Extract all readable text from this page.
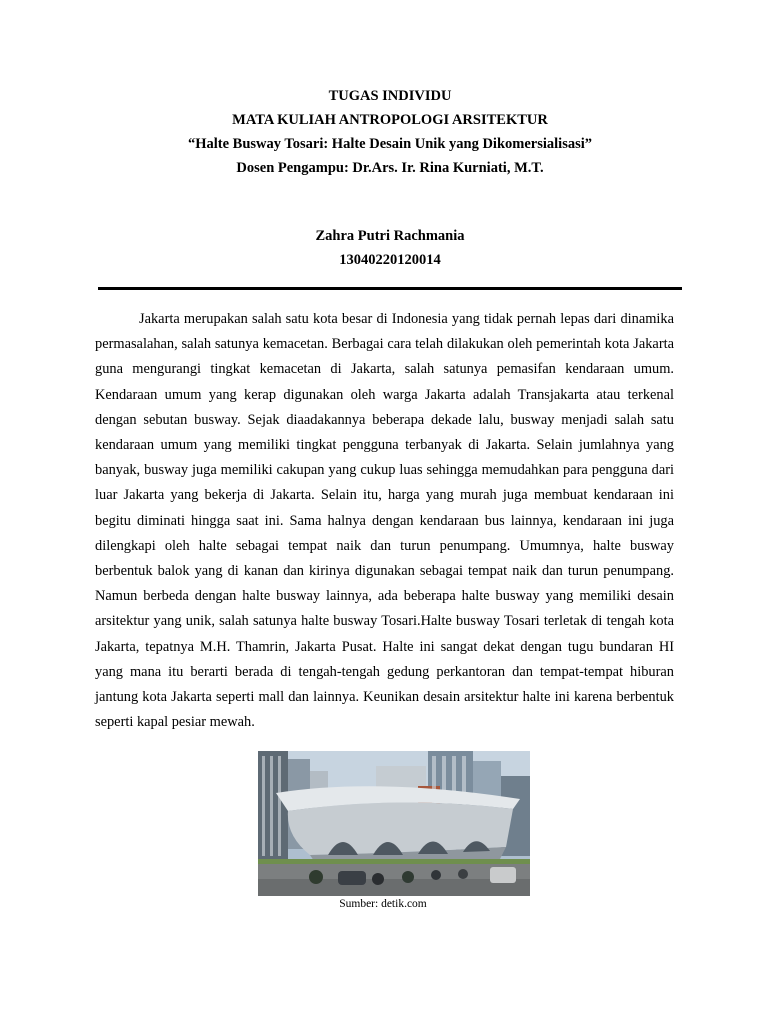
TUGAS INDIVIDU
MATA KULIAH ANTROPOLOGI ARSITEKTUR
“Halte Busway Tosari: Halte Desain Unik yang Dikomersialisasi”
Dosen Pengampu: Dr.Ars. Ir. Rina Kurniati, M.T.
Zahra Putri Rachmania
13040220120014

Jakarta merupakan salah satu kota besar di Indonesia yang tidak pernah lepas dari dinamika permasalahan, salah satunya kemacetan. Berbagai cara telah dilakukan oleh pemerintah kota Jakarta guna mengurangi tingkat kemacetan di Jakarta, salah satunya pemasifan kendaraan umum. Kendaraan umum yang kerap digunakan oleh warga Jakarta adalah Transjakarta atau terkenal dengan sebutan busway. Sejak diaadakannya beberapa dekade lalu, busway menjadi salah satu kendaraan umum yang memiliki tingkat pengguna terbanyak di Jakarta. Selain jumlahnya yang banyak, busway juga memiliki cakupan yang cukup luas sehingga memudahkan para pengguna dari luar Jakarta yang bekerja di Jakarta. Selain itu, harga yang murah juga membuat kendaraan ini begitu diminati hingga saat ini. Sama halnya dengan kendaraan bus lainnya, kendaraan ini juga dilengkapi oleh halte sebagai tempat naik dan turun penumpang. Umumnya, halte busway berbentuk balok yang di kanan dan kirinya digunakan sebagai tempat naik dan turun penumpang. Namun berbeda dengan halte busway lainnya, ada beberapa halte busway yang memiliki desain arsitektur yang unik, salah satunya halte busway Tosari.Halte busway Tosari terletak di tengah kota Jakarta, tepatnya M.H. Thamrin, Jakarta Pusat. Halte ini sangat dekat dengan tugu bundaran HI yang mana itu berarti berada di tengah-tengah gedung perkantoran dan tempat-tempat hiburan jantung kota Jakarta seperti mall dan lainnya. Keunikan desain arsitektur halte ini karena berbentuk seperti kapal pesiar mewah.

Sumber: detik.com
